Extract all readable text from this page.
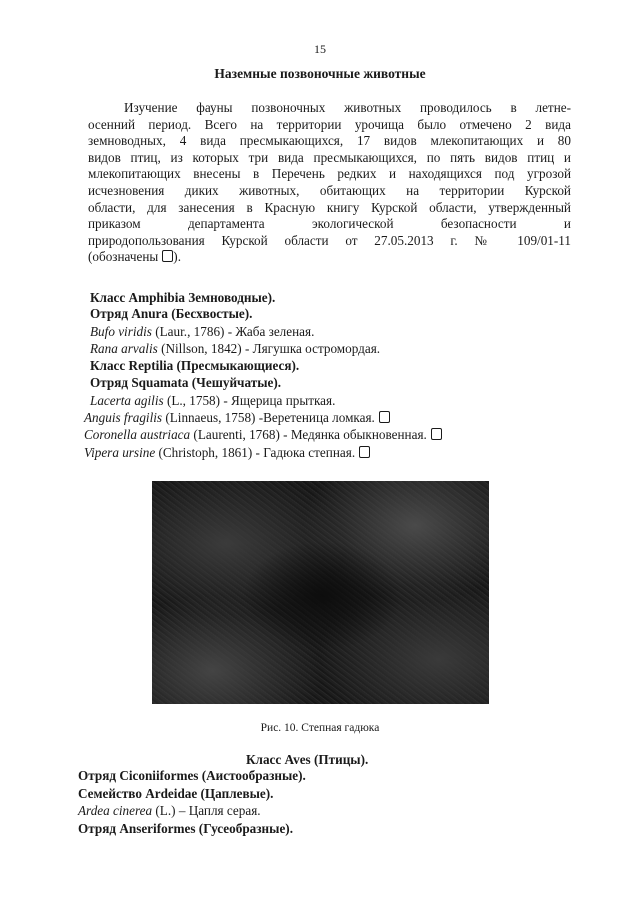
15
Наземные позвоночные животные
Изучение фауны позвоночных животных проводилось в летне-
осенний период. Всего на территории урочища было отмечено 2 вида
земноводных, 4 вида пресмыкающихся, 17 видов млекопитающих и 80
видов птиц, из которых три вида пресмыкающихся, по пять видов птиц и
млекопитающих внесены в Перечень редких и находящихся под угрозой
исчезновения диких животных, обитающих на территории Курской
области, для занесения в Красную книгу Курской области, утвержденный
приказом департамента экологической безопасности и
природопользования Курской области от 27.05.2013 г. № 109/01-11
(обозначены ).
Класс Amphibia Земноводные).
Отряд Anura (Бесхвостые).
Bufo viridis (Laur., 1786) - Жаба зеленая.
Rana arvalis (Nillson, 1842) - Лягушка остромордая.
Класс Reptilia (Пресмыкающиеся).
Отряд Squamata (Чешуйчатые).
Lacerta agilis (L., 1758) - Ящерица прыткая.
Anguis fragilis (Linnaeus, 1758) -Веретеница ломкая.
Coronella austriaca (Laurenti, 1768) - Медянка обыкновенная.
Vipera ursine (Christoph, 1861) - Гадюка степная.
Рис. 10. Степная гадюка
Класс Aves (Птицы).
Отряд Ciconiiformes (Аистообразные).
Семейство Ardeidae (Цаплевые).
Ardea cinerea (L.) – Цапля серая.
Отряд Anseriformes (Гусеобразные).
